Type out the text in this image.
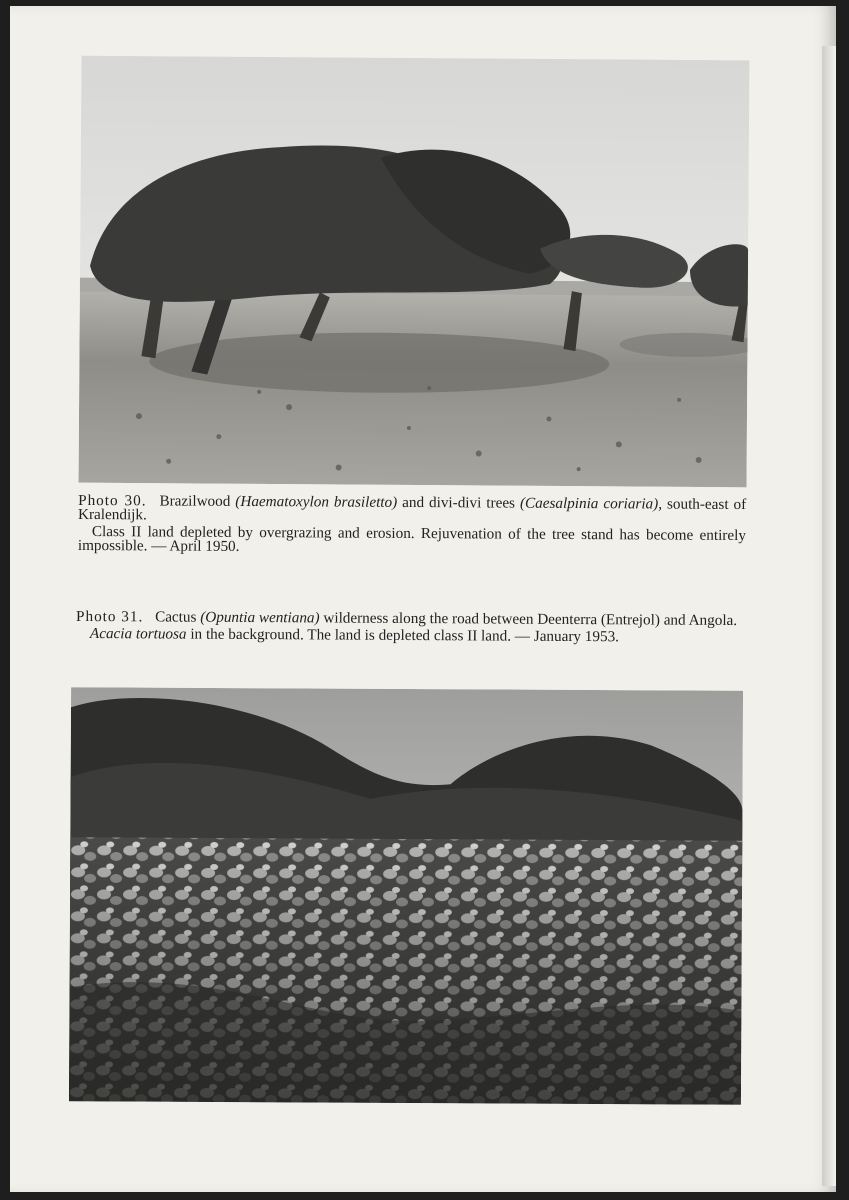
Photo 30. Brazilwood (Haematoxylon brasiletto) and divi-divi trees (Caesalpinia coriaria), south-east of Kralendijk.

Class II land depleted by overgrazing and erosion. Rejuvenation of the tree stand has become entirely impossible. — April 1950.

Photo 31. Cactus (Opuntia wentiana) wilderness along the road between Deenterra (Entrejol) and Angola.

Acacia tortuosa in the background. The land is depleted class II land. — January 1953.
